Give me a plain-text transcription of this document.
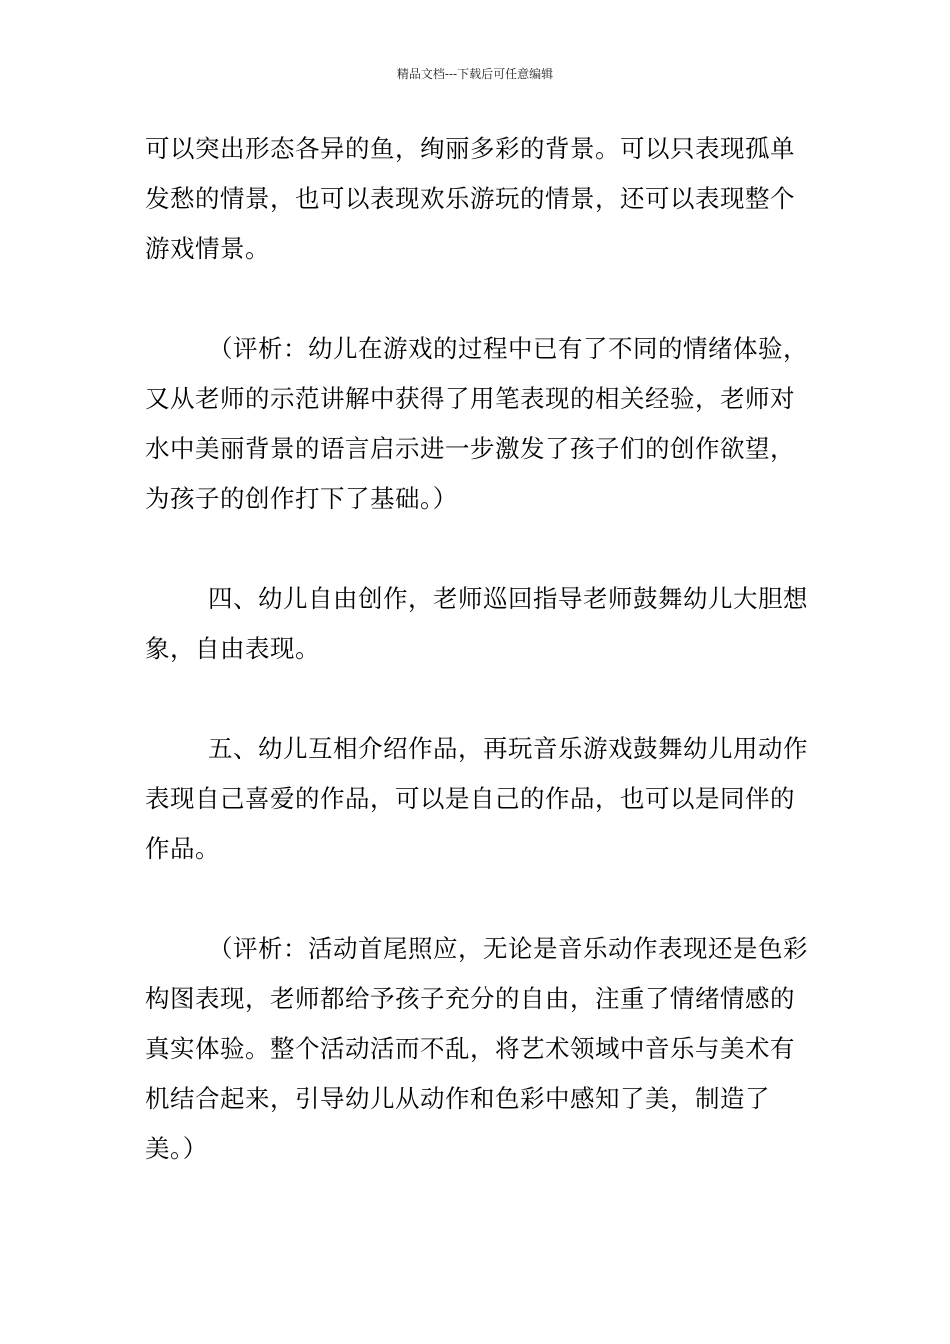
精品文档---下载后可任意编辑

可以突出形态各异的鱼，绚丽多彩的背景。可以只表现孤单发愁的情景，也可以表现欢乐游玩的情景，还可以表现整个游戏情景。

（评析：幼儿在游戏的过程中已有了不同的情绪体验，又从老师的示范讲解中获得了用笔表现的相关经验，老师对水中美丽背景的语言启示进一步激发了孩子们的创作欲望，为孩子的创作打下了基础。）

四、幼儿自由创作，老师巡回指导老师鼓舞幼儿大胆想象，自由表现。

五、幼儿互相介绍作品，再玩音乐游戏鼓舞幼儿用动作表现自己喜爱的作品，可以是自己的作品，也可以是同伴的作品。

（评析：活动首尾照应，无论是音乐动作表现还是色彩构图表现，老师都给予孩子充分的自由，注重了情绪情感的真实体验。整个活动活而不乱，将艺术领域中音乐与美术有机结合起来，引导幼儿从动作和色彩中感知了美，制造了美。）
